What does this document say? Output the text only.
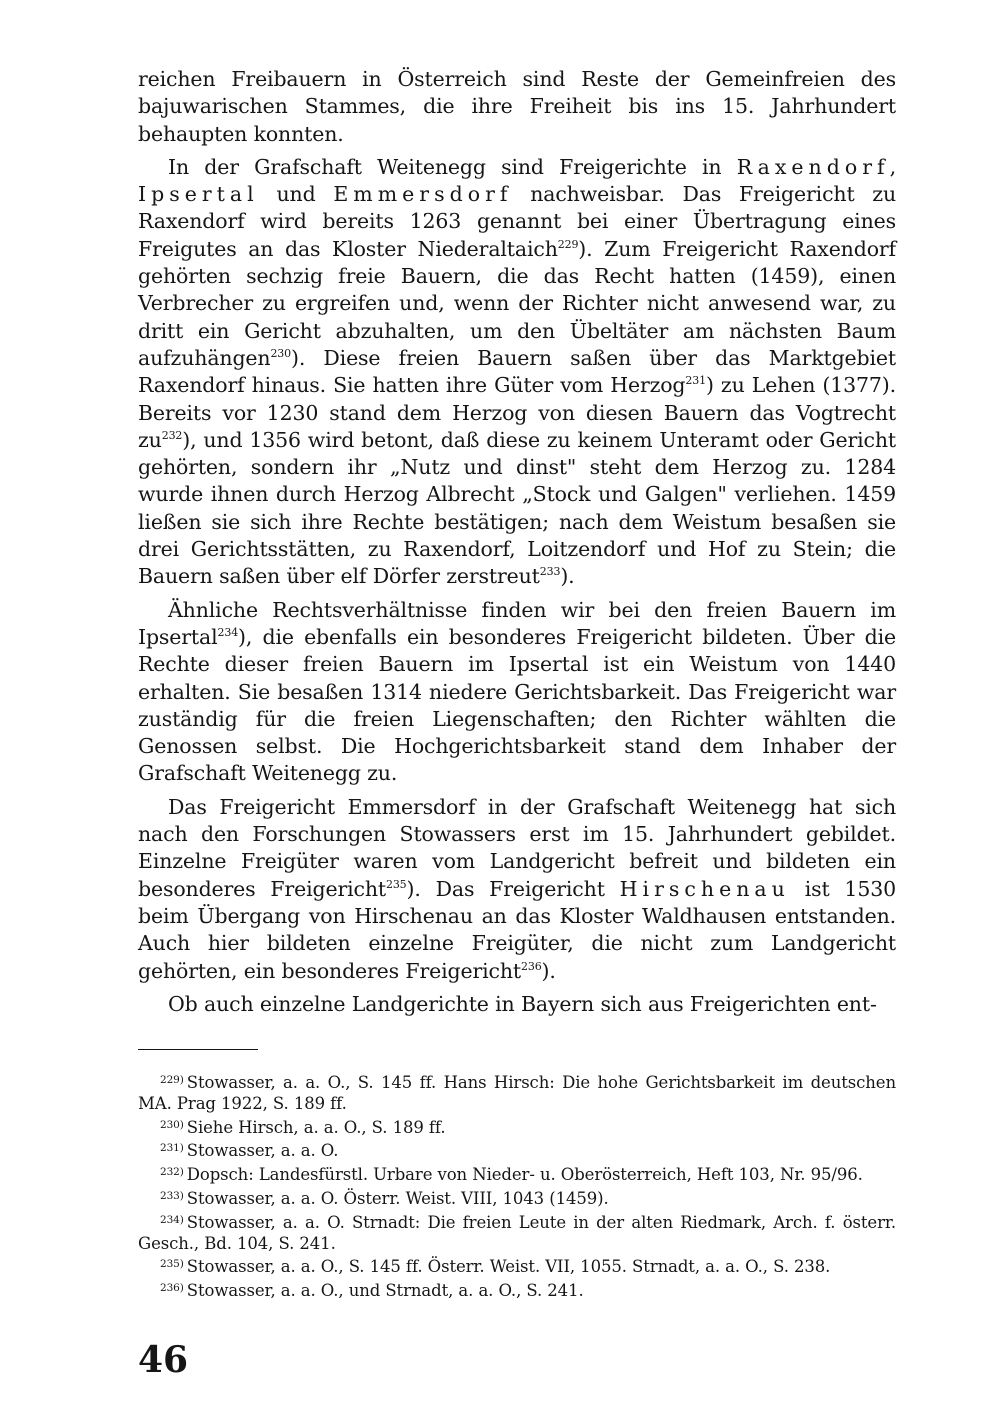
reichen Freibauern in Österreich sind Reste der Gemeinfreien des bajuwarischen Stammes, die ihre Freiheit bis ins 15. Jahrhundert behaupten konnten.

In der Grafschaft Weitenegg sind Freigerichte in Raxendorf, Ipsertal und Emmersdorf nachweisbar. Das Freigericht zu Raxendorf wird bereits 1263 genannt bei einer Übertragung eines Freigutes an das Kloster Niederaltaich$^{229}$). Zum Freigericht Raxendorf gehörten sechzig freie Bauern, die das Recht hatten (1459), einen Verbrecher zu ergreifen und, wenn der Richter nicht anwesend war, zu dritt ein Gericht abzuhalten, um den Übeltäter am nächsten Baum aufzuhängen$^{230}$). Diese freien Bauern saßen über das Marktgebiet Raxendorf hinaus. Sie hatten ihre Güter vom Herzog$^{231}$) zu Lehen (1377). Bereits vor 1230 stand dem Herzog von diesen Bauern das Vogtrecht $zu^{232}$), und 1356 wird betont, daß diese zu keinem Unteramt oder Gericht gehörten, sondern ihr „Nutz und dinst" steht dem Herzog zu. 1284 wurde ihnen durch Herzog Albrecht „Stock und Galgen" verliehen. 1459 ließen sie sich ihre Rechte bestätigen; nach dem Weistum besaßen sie drei Gerichtsstätten, zu Raxendorf, Loitzendorf und Hof zu Stein; die Bauern saßen über elf Dörfer zerstreut$^{233}$).

Ähnliche Rechtsverhältnisse finden wir bei den freien Bauern im Ipsertal$^{234}$), die ebenfalls ein besonderes Freigericht bildeten. Über die Rechte dieser freien Bauern im Ipsertal ist ein Weistum von 1440 erhalten. Sie besaßen 1314 niedere Gerichtsbarkeit. Das Freigericht war zuständig für die freien Liegenschaften; den Richter wählten die Genossen selbst. Die Hochgerichtsbarkeit stand dem Inhaber der Grafschaft Weitenegg zu.

Das Freigericht Emmersdorf in der Grafschaft Weitenegg hat sich nach den Forschungen Stowassers erst im 15. Jahrhundert gebildet. Einzelne Freigüter waren vom Landgericht befreit und bildeten ein besonderes Freigericht$^{235}$). Das Freigericht Hirschenau ist 1530 beim Übergang von Hirschenau an das Kloster Waldhausen entstanden. Auch hier bildeten einzelne Freigüter, die nicht zum Landgericht gehörten, ein besonderes Freigericht$^{236}$).

Ob auch einzelne Landgerichte in Bayern sich aus Freigerichten ent-

$^{229)}$ Stowasser, a. a. O., S. 145 ff. Hans Hirsch: Die hohe Gerichtsbarkeit im deutschen MA. Prag 1922, S. 189 ff.

$^{230)}$ Siehe Hirsch, a. a. O., S. 189 ff.

$^{231)}$ Stowasser, a. a. O.

$^{232)}$ Dopsch: Landesfürstl. Urbare von Nieder- u. Oberösterreich, Heft 103, Nr. 95/96.

$^{233)}$ Stowasser, a. a. O. Österr. Weist. VIII, 1043 (1459).

$^{234)}$ Stowasser, a. a. O. Strnadt: Die freien Leute in der alten Riedmark, Arch. f. österr. Gesch., Bd. 104, S. 241.

$^{235)}$ Stowasser, a. a. O., S. 145 ff. Österr. Weist. VII, 1055. Strnadt, a. a. O., S. 238.

$^{236)}$ Stowasser, a. a. O., und Strnadt, a. a. O., S. 241.

46
